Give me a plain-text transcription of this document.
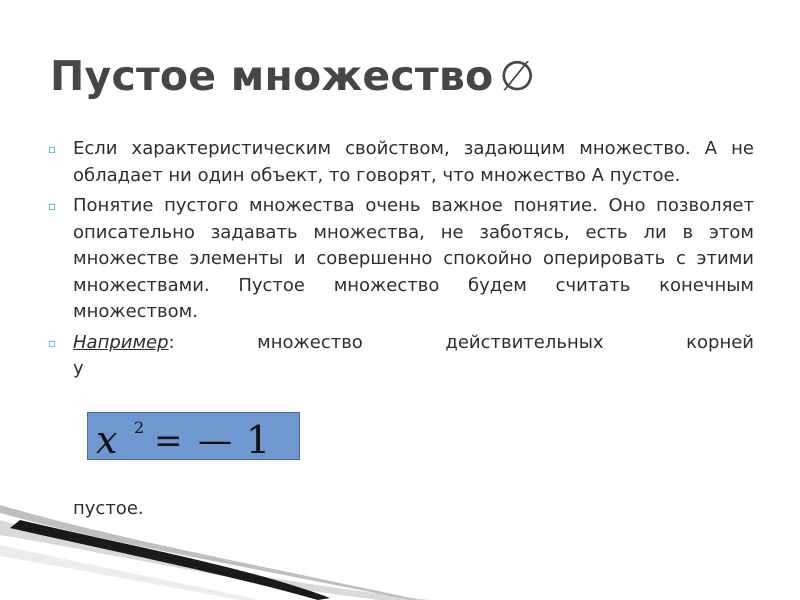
Пустое множество ∅
▫ Если характеристическим свойством, задающим множество. А не обладает ни один объект, то говорят, что множество А пустое.
▫ Понятие пустого множества очень важное понятие. Оно позволяет описательно задавать множества, не заботясь, есть ли в этом множестве элементы и совершенно спокойно оперировать с этими множествами. Пустое множество будем считать конечным множеством.
▫ Например: множество действительных корней
у
x 2 = — 1
пустое.
